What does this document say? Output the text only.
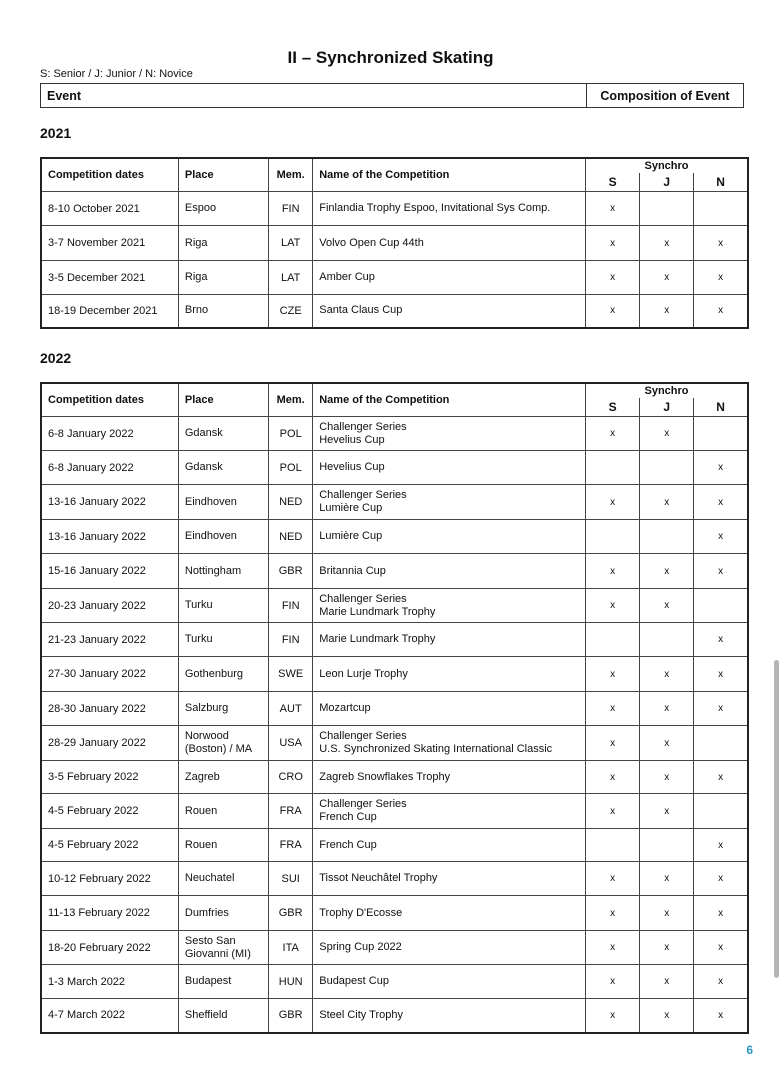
II – Synchronized Skating
S: Senior / J: Junior / N: Novice
Event	Composition of Event
2021
Competition dates	Place	Mem.	Name of the Competition	Synchro		
				S	J	N
8-10 October 2021	Espoo	FIN	Finlandia Trophy Espoo, Invitational Sys Comp.	x		
3-7 November 2021	Riga	LAT	Volvo Open Cup 44th	x	x	x
3-5 December 2021	Riga	LAT	Amber Cup	x	x	x
18-19 December 2021	Brno	CZE	Santa Claus Cup	x	x	x
2022
Competition dates	Place	Mem.	Name of the Competition	Synchro		
				S	J	N
6-8 January 2022	Gdansk	POL	Challenger Series
Hevelius Cup	x	x	
6-8 January 2022	Gdansk	POL	Hevelius Cup			x
13-16 January 2022	Eindhoven	NED	Challenger Series
Lumière Cup	x	x	x
13-16 January 2022	Eindhoven	NED	Lumière Cup			x
15-16 January 2022	Nottingham	GBR	Britannia Cup	x	x	x
20-23 January 2022	Turku	FIN	Challenger Series
Marie Lundmark Trophy	x	x	
21-23 January 2022	Turku	FIN	Marie Lundmark Trophy			x
27-30 January 2022	Gothenburg	SWE	Leon Lurje Trophy	x	x	x
28-30 January 2022	Salzburg	AUT	Mozartcup	x	x	x
28-29 January 2022	Norwood (Boston) / MA	USA	Challenger Series
U.S. Synchronized Skating International Classic	x	x	
3-5 February 2022	Zagreb	CRO	Zagreb Snowflakes Trophy	x	x	x
4-5 February 2022	Rouen	FRA	Challenger Series
French Cup	x	x	
4-5 February 2022	Rouen	FRA	French Cup			x
10-12 February 2022	Neuchatel	SUI	Tissot Neuchâtel Trophy	x	x	x
11-13 February 2022	Dumfries	GBR	Trophy D'Ecosse	x	x	x
18-20 February 2022	Sesto San Giovanni (MI)	ITA	Spring Cup 2022	x	x	x
1-3 March 2022	Budapest	HUN	Budapest Cup	x	x	x
4-7 March 2022	Sheffield	GBR	Steel City Trophy	x	x	x
6
